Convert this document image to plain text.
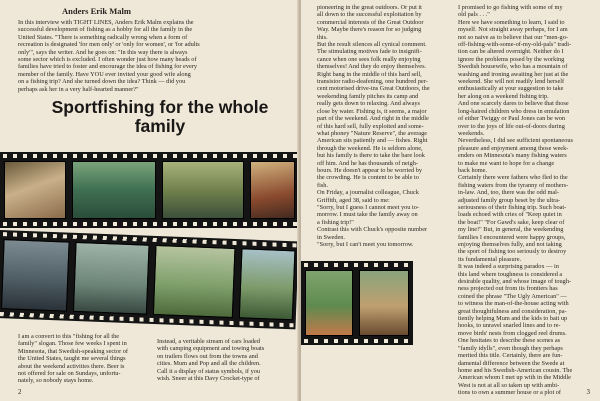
Anders Erik Malm
In this interview with TIGHT LINES, Anders Erik Malm explains the
successful development of fishing as a hobby for all the family in the
United States. "There is something radically wrong when a form of
recreation is designated 'for men only' or 'only for women', or 'for adults
only'", says the writer. And he goes on: "In this way there is always
some sector which is excluded. I often wonder just how many heads of
families have tried to foster and encourage the idea of fishing for every
member of the family. Have YOU ever invited your good wife along
on a fishing trip? And she turned down the idea? Think — did you
perhaps ask her in a very half-hearted manner?"
Sportfishing for the whole family
I am a convert to this "fishing for all the
family" slogan. Those few weeks I spent in
Minnesota, that Swedish-speaking sector of
the United States, taught me several things
about the weekend activities there. Beer is
not offered for sale on Sundays, unfortu-
nately, so nobody stays home.
Instead, a veritable stream of cars loaded
with camping equipment and towing boats
on trailers flows out from the towns and
cities. Mum and Pop and all the children.
Call it a display of status symbols, if you
wish. Sneer at this Davy Crocket-type of
2
pioneering in the great outdoors. Or put it
all down to the successful exploitation by
commercial interests of the Great Outdoor
Way. Maybe there's reason for so judging
this.
But the result silences all cynical comment.
The stimulating motives fade to insignifi-
cance when one sees folk really enjoying
themselves! And they do enjoy themselves.
Right bang in the middle of this hard sell,
transistor radio-deafening, one hundred per-
cent motorised drive-ins Great Outdoors, the
weekending family pitches its camp and
really gets down to relaxing. And always
close by water. Fishing is, it seems, a major
part of the weekend. And right in the middle
of this hard sell, fully exploited and some-
what phoney "Nature Reserve", the average
American sits patiently and — fishes. Right
through the weekend. He is seldom alone,
but his family is there to take the bare look
off him. And he has thousands of neigh-
bours. He doesn't appear to be worried by
the crowding. He is content to be able to
fish.
On Friday, a journalist colleague, Chuck
Griffith, aged 38, said to me:
"Sorry, but I guess I cannot meet you to-
morrow. I must take the family away on
a fishing trip!"
Contrast this with Chuck's opposite number
in Sweden.
"Sorry, but I can't meet you tomorrow.
I promised to go fishing with some of my
old pals . . ."
Here we have something to learn, I said to
myself. Not straight away perhaps, for I am
not so naive as to believe that our "men-go-
off-fishing-with-some-of-my-old-pals" tradi-
tion can be altered overnight. Neither do I
ignore the problems posed by the working
Swedish housewife, who has a mountain of
washing and ironing awaiting her just at the
weekend. She will not readily lend herself
enthusiastically at your suggestion to take
her along on a weekend fishing trip.
And one scarcely dares to believe that those
long-haired children who dress in emulation
of either Twiggy or Paul Jones can be won
over to the joys of life out-of-doors during
weekends.
Nevertheless, I did see sufficient spontaneous
pleasure and enjoyment among those week-
enders on Minnesota's many fishing waters
to make me want to hope for a change
back home.
Certainly there were fathers who fled to the
fishing waters from the tyranny of mothers-
in-law. And, too, there was the odd mal-
adjusted family group beset by the ultra-
seriousness of their fishing trip. Such boat-
loads echoed with cries of "Keep quiet in
the boat!" "For Gawd's sake, keep clear of
my line!" But, in general, the weekending
families I encountered were happy groups,
enjoying themselves fully, and not taking
the sport of fishing too seriously to destroy
its fundamental pleasure.
It was indeed a surprising paradox — in
this land where toughness is considered a
desirable quality, and whose image of tough-
ness projected out from its frontiers has
coined the phrase "The Ugly American" —
to witness the man-of-the-house acting with
great thoughtfulness and consideration, pa-
tiently helping Mum and the kids to bait up
hooks, to unravel snarled lines and to re-
move birds' nests from clogged reel drums.
One hesitates to describe these scenes as
"family idylls", even though they perhaps
merited this title. Certainly, there are fun-
damental difference between the Swede at
home and his Swedish-American cousin. The
American whom I met up with in the Middle
West is not at all so taken up with ambi-
tions to own a summer house or a plot of	3
